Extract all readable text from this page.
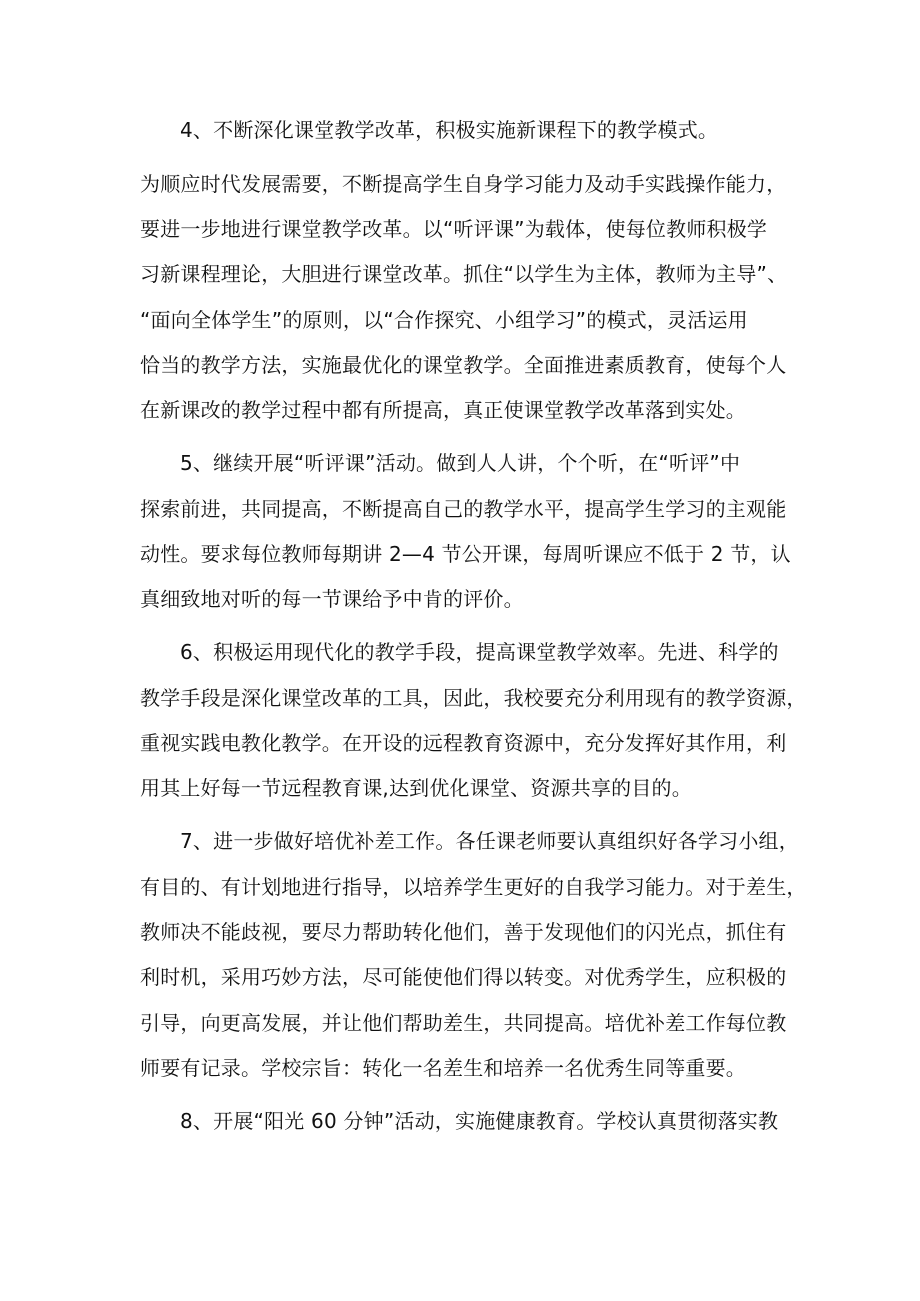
4、不断深化课堂教学改革，积极实施新课程下的教学模式。
为顺应时代发展需要，不断提高学生自身学习能力及动手实践操作能力，
要进一步地进行课堂教学改革。以“听评课”为载体，使每位教师积极学
习新课程理论，大胆进行课堂改革。抓住“以学生为主体，教师为主导”、
“面向全体学生”的原则，以“合作探究、小组学习”的模式，灵活运用
恰当的教学方法，实施最优化的课堂教学。全面推进素质教育，使每个人
在新课改的教学过程中都有所提高，真正使课堂教学改革落到实处。
5、继续开展“听评课”活动。做到人人讲，个个听，在“听评”中
探索前进，共同提高，不断提高自己的教学水平，提高学生学习的主观能
动性。要求每位教师每期讲 2—4 节公开课，每周听课应不低于 2 节，认
真细致地对听的每一节课给予中肯的评价。
6、积极运用现代化的教学手段，提高课堂教学效率。先进、科学的
教学手段是深化课堂改革的工具，因此，我校要充分利用现有的教学资源，
重视实践电教化教学。在开设的远程教育资源中，充分发挥好其作用，利
用其上好每一节远程教育课,达到优化课堂、资源共享的目的。
7、进一步做好培优补差工作。各任课老师要认真组织好各学习小组，
有目的、有计划地进行指导，以培养学生更好的自我学习能力。对于差生，
教师决不能歧视，要尽力帮助转化他们，善于发现他们的闪光点，抓住有
利时机，采用巧妙方法，尽可能使他们得以转变。对优秀学生，应积极的
引导，向更高发展，并让他们帮助差生，共同提高。培优补差工作每位教
师要有记录。学校宗旨：转化一名差生和培养一名优秀生同等重要。
8、开展“阳光 60 分钟”活动，实施健康教育。学校认真贯彻落实教
